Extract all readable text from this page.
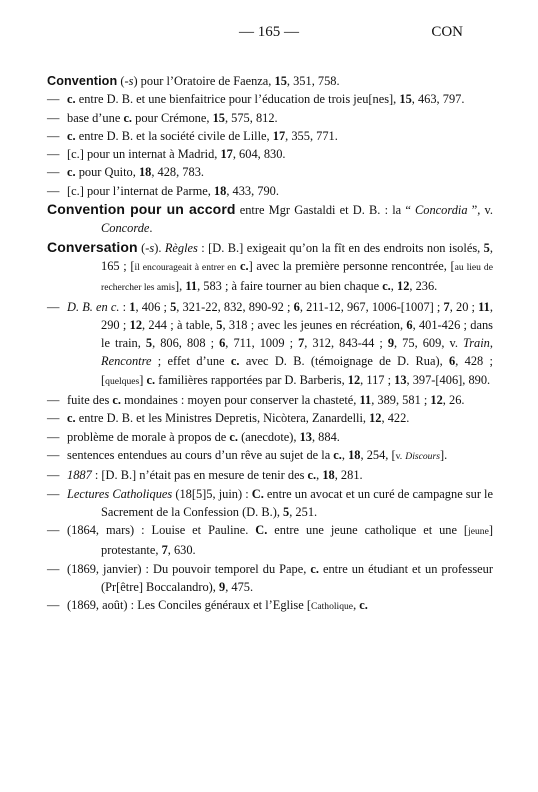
— 165 —	CON
Convention (-s) pour l’Oratoire de Faenza, 15, 351, 758.
— c. entre D. B. et une bienfaitrice pour l’éducation de trois jeu[nes], 15, 463, 797.
— base d’une c. pour Crémone, 15, 575, 812.
— c. entre D. B. et la société civile de Lille, 17, 355, 771.
— [c.] pour un internat à Madrid, 17, 604, 830.
— c. pour Quito, 18, 428, 783.
— [c.] pour l’internat de Parme, 18, 433, 790.
Convention pour un accord entre Mgr Gastaldi et D. B. : la “ Concordia ”, v. Concorde.
Conversation (-s). Règles : [D. B.] exigeait qu’on la fît en des endroits non isolés, 5, 165 ; [il encourageait à entrer en c.] avec la première personne rencontrée, [au lieu de rechercher les amis], 11, 583 ; à faire tourner au bien chaque c., 12, 236.
— D. B. en c. : 1, 406 ; 5, 321-22, 832, 890-92 ; 6, 211-12, 967, 1006-[1007] ; 7, 20 ; 11, 290 ; 12, 244 ; à table, 5, 318 ; avec les jeunes en récréation, 6, 401-426 ; dans le train, 5, 806, 808 ; 6, 711, 1009 ; 7, 312, 843-44 ; 9, 75, 609, v. Train, Rencontre ; effet d’une c. avec D. B. (témoignage de D. Rua), 6, 428 ; [quelques] c. familières rapportées par D. Barberis, 12, 117 ; 13, 397-[406], 890.
— fuite des c. mondaines : moyen pour conserver la chasteté, 11, 389, 581 ; 12, 26.
— c. entre D. B. et les Ministres Depretis, Nicòtera, Zanardelli, 12, 422.
— problème de morale à propos de c. (anecdote), 13, 884.
— sentences entendues au cours d’un rêve au sujet de la c., 18, 254, [v. Discours].
— 1887 : [D. B.] n’était pas en mesure de tenir des c., 18, 281.
— Lectures Catholiques (18[5]5, juin) : C. entre un avocat et un curé de campagne sur le Sacrement de la Confession (D. B.), 5, 251.
— (1864, mars) : Louise et Pauline. C. entre une jeune catholique et une [jeune] protestante, 7, 630.
— (1869, janvier) : Du pouvoir temporel du Pape, c. entre un étudiant et un professeur (Pr[être] Boccalandro), 9, 475.
— (1869, août) : Les Conciles généraux et l’Eglise [Catholique, c.
